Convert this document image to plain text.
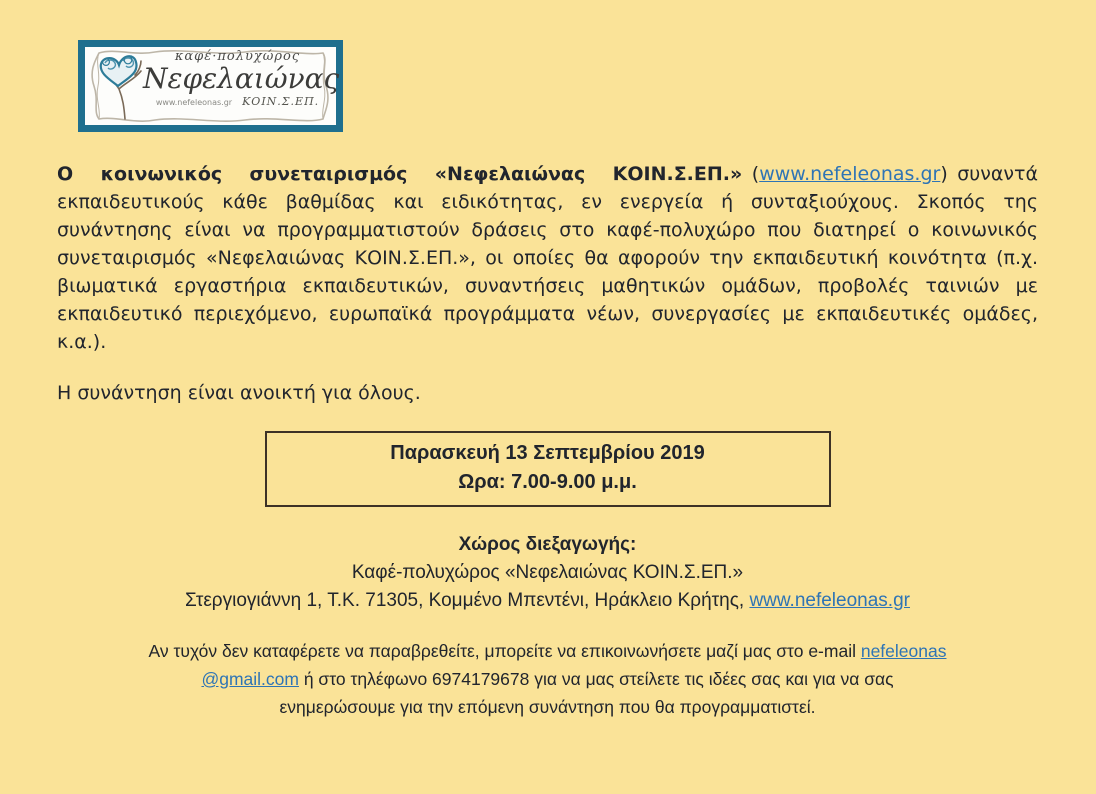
καφέ·πολυχώρος
Νεφελαιώνας
www.nefeleonas.gr ΚΟΙΝ.Σ.ΕΠ.

Ο κοινωνικός συνεταιρισμός «Νεφελαιώνας ΚΟΙΝ.Σ.ΕΠ.»  (www.nefeleonas.gr)  συναντά εκπαιδευτικούς κάθε βαθμίδας και ειδικότητας, εν ενεργεία ή συνταξιούχους. Σκοπός της συνάντησης είναι να προγραμματιστούν δράσεις στο καφέ-πολυχώρο που διατηρεί ο κοινωνικός συνεταιρισμός «Νεφελαιώνας ΚΟΙΝ.Σ.ΕΠ.», οι οποίες θα αφορούν την εκπαιδευτική κοινότητα (π.χ. βιωματικά εργαστήρια εκπαιδευτικών, συναντήσεις μαθητικών ομάδων, προβολές ταινιών με εκπαιδευτικό περιεχόμενο, ευρωπαϊκά προγράμματα νέων, συνεργασίες με εκπαιδευτικές ομάδες, κ.α.).

Η συνάντηση είναι ανοικτή για όλους.

Παρασκευή 13 Σεπτεμβρίου 2019
Ωρα: 7.00-9.00 μ.μ.
Χώρος διεξαγωγής:
Καφέ-πολυχώρος «Νεφελαιώνας ΚΟΙΝ.Σ.ΕΠ.»
Στεργιογιάννη 1, Τ.Κ. 71305, Κομμένο Μπεντένι, Ηράκλειο Κρήτης, www.nefeleonas.gr
Αν τυχόν δεν καταφέρετε να παραβρεθείτε, μπορείτε να επικοινωνήσετε μαζί μας στο e-mail nefeleonas
@gmail.com ή στο τηλέφωνο 6974179678 για να μας στείλετε τις ιδέες σας και για να σας
ενημερώσουμε για την επόμενη συνάντηση που θα προγραμματιστεί.
